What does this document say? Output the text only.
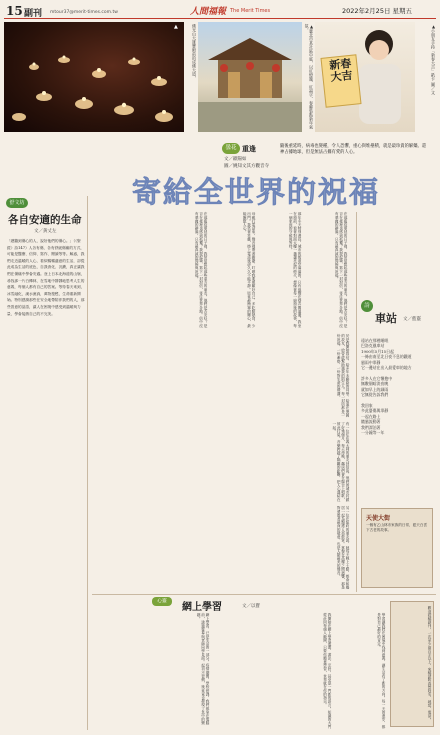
15 副刊 mtour37@merit-times.com.tw	人間福報 The Merit Times	2022年2月25日 星期五
▲	佛光山大雄寶殿前的成佛大道，	▲臺北市某社區中庭，以紅燈籠、紅福字、春聯裝點新年氣氛。
新春大吉	▲小朋友手持「新春大吉」紙卡 圖／文
曇花 重逢
文／歐陽如
圖／姚知文其方觀音寺
隨後重延時，病毒也變種，令人恐懼，重心與堆壘積，就是最珍貴的解藥。還神占據地球，但是無法占據有愛的人心。
寄給全世界的祝福
舒文坊
各自安適的生命
文／黃丈左
「總聽到傷心的人，說好他們的傷心。」（《聖經》詩147）人各有傷，各有舒緩傷痛的方式，可能是醫療、信仰、寫作、閱讀等等。解惑，我們走近溫暖的人心，看似暢暢適意的生活，卻從此成為生活的底色，自我消化、沉澱，真正讓我們在傷痛中學會安適。登上日本北海道的山嶺，尋找那一片白樺林，在雪地中靜靜地思考人生的意義，每個人都有自己的答案。等待春天來到，冰雪融化，溪水流淌，萬物復甦，生命重新開始。特別感謝那些在安全地帶陪伴我們的人，那些善意的話語，讓人在困境中感受到溫暖與力量，學會接納自己的不完美。	在那瘟疫蔓延的日子裡，我常常想起那些遠方的朋友。他們是否安好？是否在夜裡也感到孤獨？我提起筆，寫下一封封信，寄往世界各地。信中沒有華麗的辭藻，只有最真誠的問候與祝福。
那年冬天特別漫長，城市的街道空蕩蕩的，只有風聲在巷弄間迴盪。我坐在窗前，看著對面大樓一盞盞亮起的燈火，想像著每一扇窗後的故事，每一個家庭的守候與等待。
母親打電話來，聲音裡帶著擔憂，叮嚀我要照顧好自己，多吃點熱食，少出門。我笑著答應，掛上電話後卻久久不能平靜。原來最簡單的關心，最能撫慰人心。
於是我開始寫信，給多年未聯絡的同學，給遠在異國的故友，給曾經幫助過我的陌生人。每一封信都是一份祝福，一份牽掛，一份對生命的禮讚。
有一位住在義大利的朋友回信說，他們的城市封鎖了好幾個月，每天傍晚，鄰居們會在陽台上唱歌，彼此打氣。音樂跨越了隔離的距離，把人心連結在一起。
另一位在紐約的朋友說，她每天晚上七點，都會和鄰居一起為醫護人員鼓掌。掌聲在高樓之間迴響，那是對勇敢者最深的敬意，也是人類最美的聲音。
在那瘟疫蔓延的日子裡，我常常想起那些遠方的朋友。他們是否安好？是否在夜裡也感到孤獨？我提起筆，寫下一封封信，寄往世界各地。信中沒有華麗的辭藻，只有最真誠的問候與祝福。
詩
車站 文／藍靈
遠站在那裡睡眠
巴洛克風車站
1900年5月15日起
一條由南至北日夜不息的鐵道
風雨中寧靜
它一邊站在出入最愛車的地方

許多人在它懷抱中
無數個暗淡夜晚
就如早上的細雨
它無從告訴我們

我回家
多此憂傷與寧靜
一起在路上
隨風流動著
我們漂泊著
一分鐘等一年
天使大街
一個有乙山林市家族的日常，藍天白雲下古老的故事。
心靈
網上學習	文／以寶
網上學習，已是生活的一部分。疫情期間，學校停課，我們都坐在電腦前，透過螢幕與老師同學見面。起初不習慣，後來竟也發現了其中的樂趣。	我開始在網上學習畫畫、書法、烹飪，甚至是一門新的語言。知識的大門從此向每個人敞開，只要你願意學習，世界就在你的指尖。	學習讓我們在困境中找到意義，讓生活有了新的方向。每一天的進步，都是對自己最好的肯定。	歡迎投稿副刊，一次至少兩百字以上，來稿請附真實姓名、地址、電話。
